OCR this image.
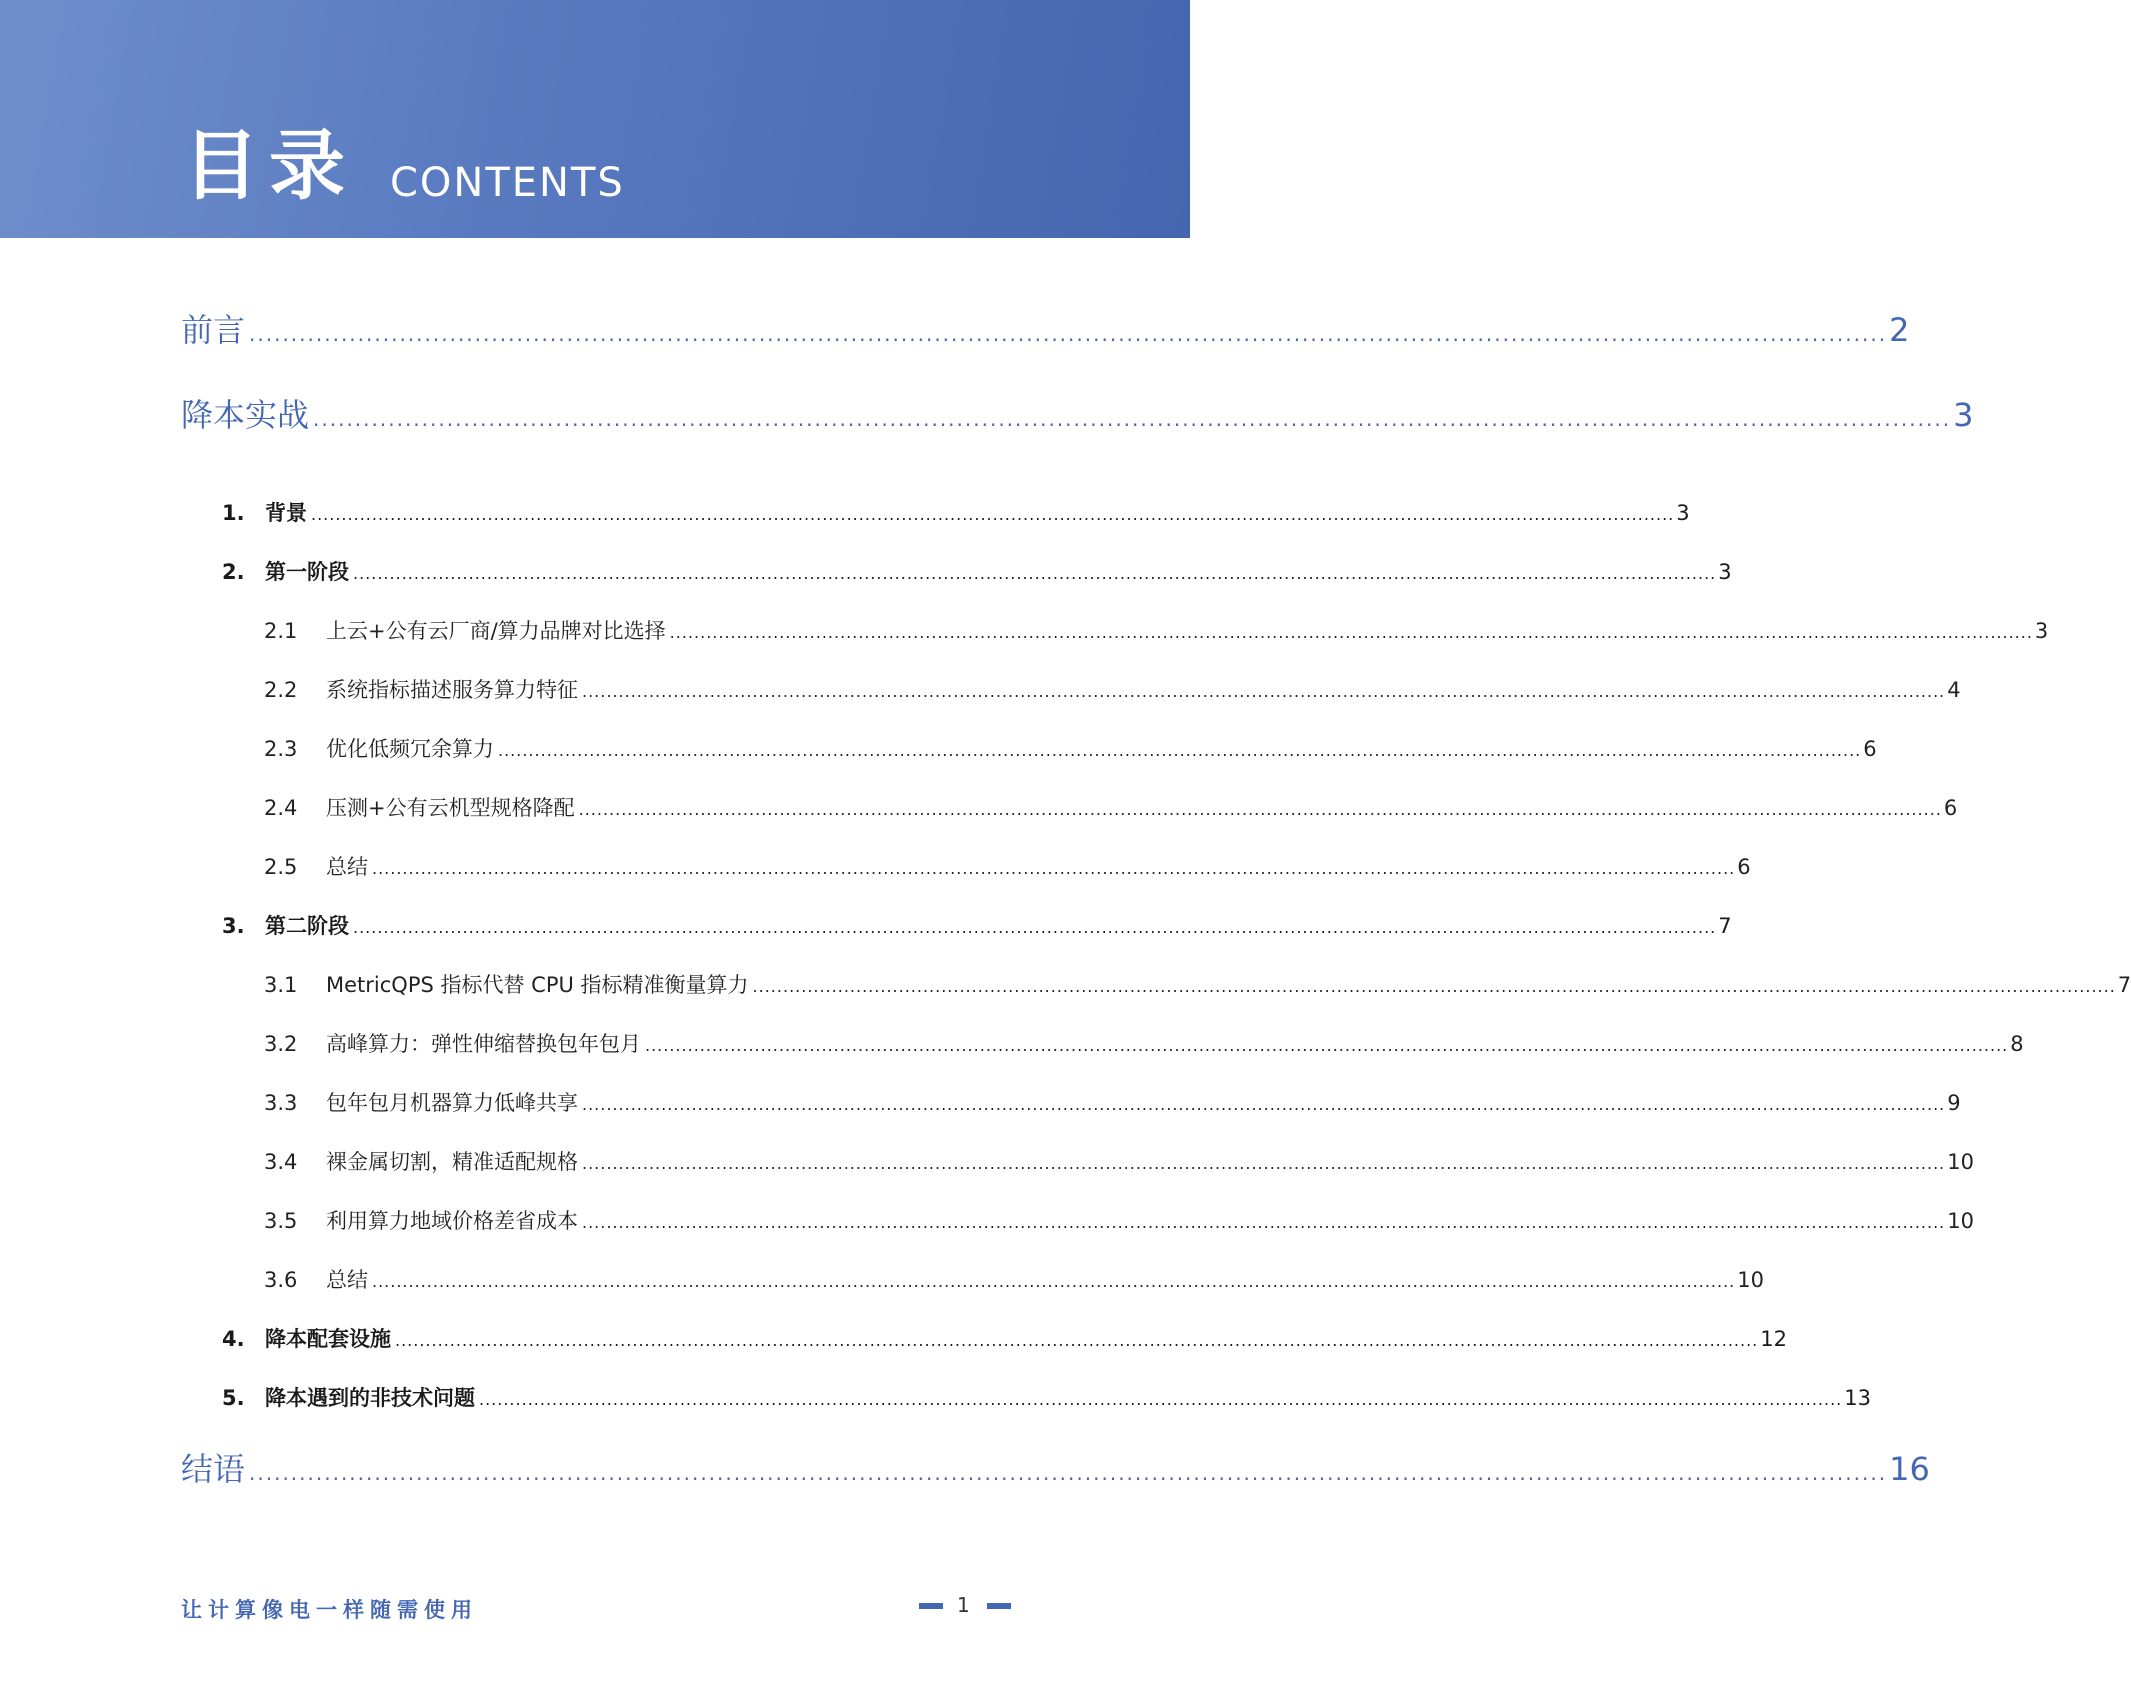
目录 CONTENTS
前言 .................................................................................................................................................................................................... 2
降本实战 .................................................................................................................................................................................................... 3
1. 背景 ................................................................................................................................................................................................................................ 3
2. 第一阶段 ................................................................................................................................................................................................................................ 3
2.1	上云+公有云厂商/算力品牌对比选择 ................................................................................................................................................................................................................................ 3
2.2	系统指标描述服务算力特征 ................................................................................................................................................................................................................................ 4
2.3	优化低频冗余算力 ................................................................................................................................................................................................................................ 6
2.4	压测+公有云机型规格降配 ................................................................................................................................................................................................................................ 6
2.5	总结 ................................................................................................................................................................................................................................ 6
3. 第二阶段 ................................................................................................................................................................................................................................ 7
3.1	MetricQPS 指标代替 CPU 指标精准衡量算力 ................................................................................................................................................................................................................................ 7
3.2	高峰算力：弹性伸缩替换包年包月 ................................................................................................................................................................................................................................ 8
3.3	包年包月机器算力低峰共享 ................................................................................................................................................................................................................................ 9
3.4	裸金属切割，精准适配规格 ................................................................................................................................................................................................................................ 10
3.5	利用算力地域价格差省成本 ................................................................................................................................................................................................................................ 10
3.6	总结 ................................................................................................................................................................................................................................ 10
4. 降本配套设施 ................................................................................................................................................................................................................................ 12
5. 降本遇到的非技术问题 ................................................................................................................................................................................................................................ 13
结语 .................................................................................................................................................................................................... 16
让计算像电一样随需使用	1
